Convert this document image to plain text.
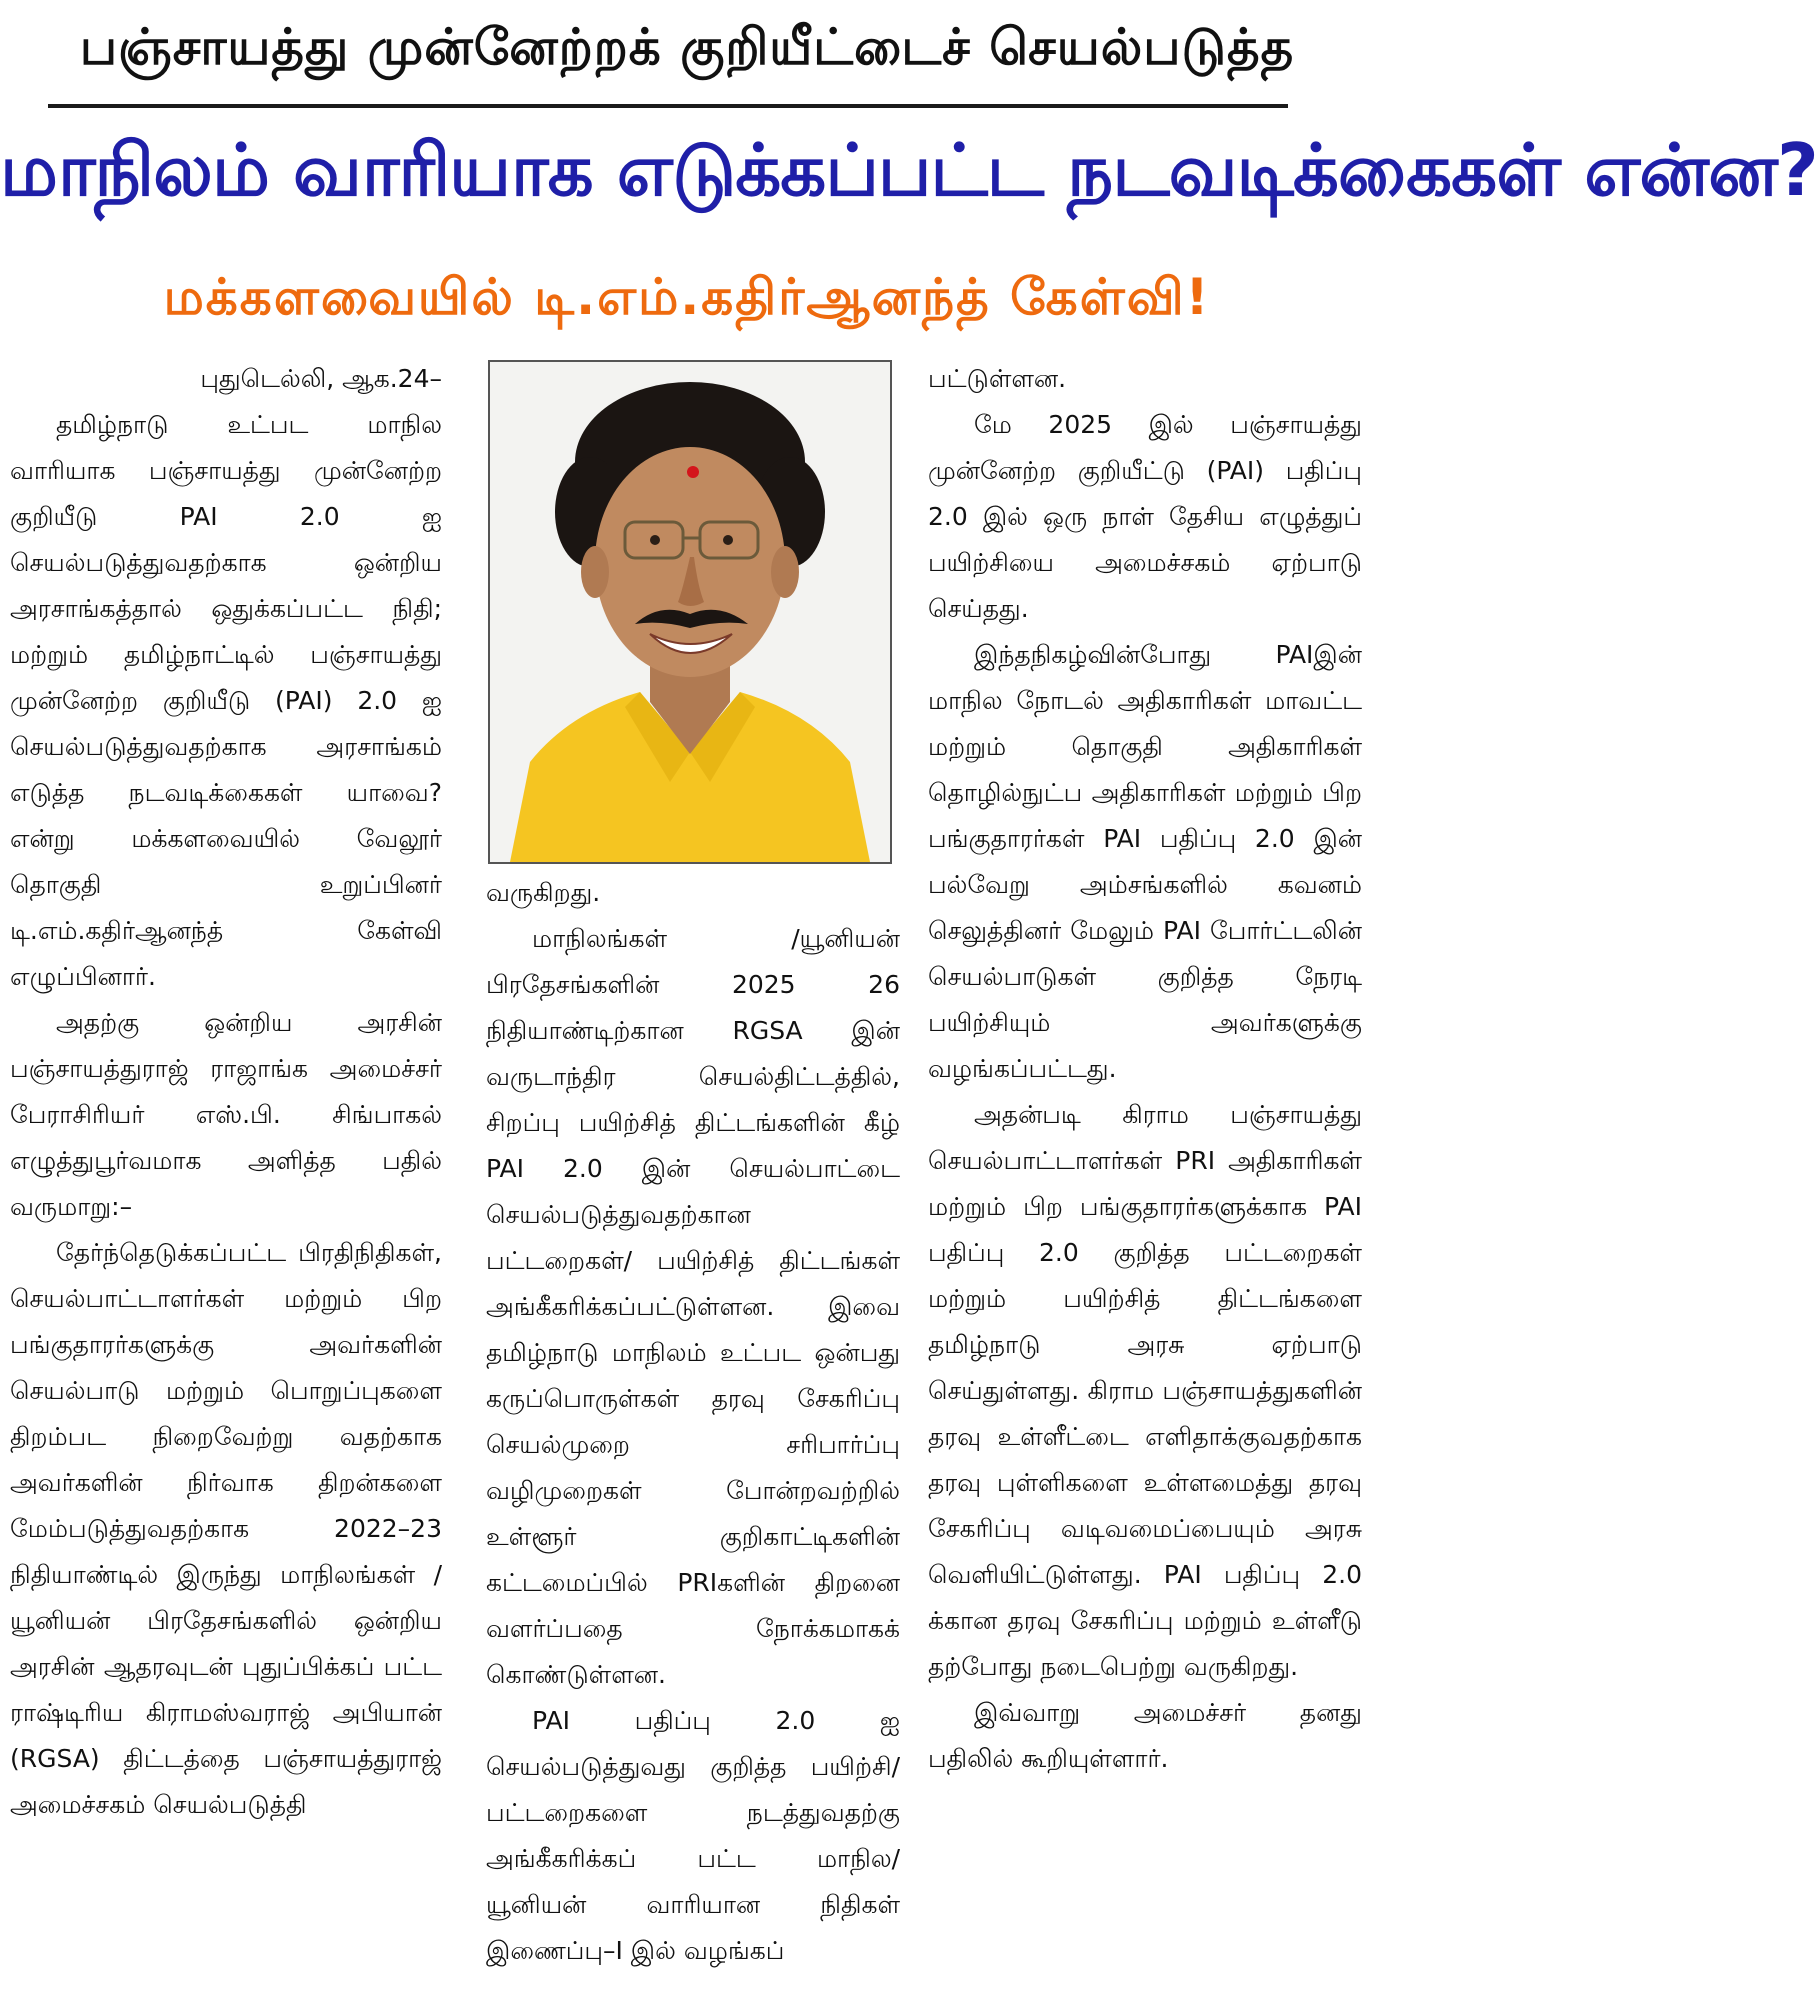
பஞ்சாயத்து முன்னேற்றக் குறியீட்டைச் செயல்படுத்த
மாநிலம் வாரியாக எடுக்கப்பட்ட நடவடிக்கைகள் என்ன?
மக்களவையில் டி.எம்.கதிர்ஆனந்த் கேள்வி!

புதுடெல்லி, ஆக.24–

தமிழ்நாடு உட்பட மாநில வாரியாக பஞ்சாயத்து முன்னேற்ற குறியீடு PAI 2.0 ஐ செயல்படுத்துவதற்காக ஒன்றிய அரசாங்கத்தால் ஒதுக்கப்பட்ட நிதி; மற்றும் தமிழ்நாட்டில் பஞ்சாயத்து முன்னேற்ற குறியீடு (PAI) 2.0 ஐ செயல்படுத்துவதற்காக அரசாங்கம் எடுத்த நடவடிக்கைகள் யாவை? என்று மக்களவையில் வேலூர் தொகுதி உறுப்பினர் டி.எம்.கதிர்ஆனந்த் கேள்வி எழுப்பினார்.

அதற்கு ஒன்றிய அரசின் பஞ்சாயத்துராஜ் ராஜாங்க அமைச்சர் பேராசிரியர் எஸ்.பி. சிங்பாகல் எழுத்துபூர்வமாக அளித்த பதில் வருமாறு:–

தேர்ந்தெடுக்கப்பட்ட பிரதிநிதிகள், செயல்பாட்டாளர்கள் மற்றும் பிற பங்குதாரர்களுக்கு அவர்களின் செயல்பாடு மற்றும் பொறுப்புகளை திறம்பட நிறைவேற்று வதற்காக அவர்களின் நிர்வாக திறன்களை மேம்படுத்துவதற்காக 2022–23 நிதியாண்டில் இருந்து மாநிலங்கள் /யூனியன் பிரதேசங்களில் ஒன்றிய அரசின் ஆதரவுடன் புதுப்பிக்கப் பட்ட ராஷ்டிரிய கிராமஸ்வராஜ் அபியான் (RGSA) திட்டத்தை பஞ்சாயத்துராஜ் அமைச்சகம் செயல்படுத்தி

வருகிறது.

மாநிலங்கள் /யூனியன் பிரதேசங்களின் 2025 26 நிதியாண்டிற்கான RGSA இன் வருடாந்திர செயல்திட்டத்தில், சிறப்பு பயிற்சித் திட்டங்களின் கீழ் PAI 2.0 இன் செயல்பாட்டை செயல்படுத்துவதற்கான பட்டறைகள்/ பயிற்சித் திட்டங்கள் அங்கீகரிக்கப்பட்டுள்ளன. இவை தமிழ்நாடு மாநிலம் உட்பட ஒன்பது கருப்பொருள்கள் தரவு சேகரிப்பு செயல்முறை சரிபார்ப்பு வழிமுறைகள் போன்றவற்றில் உள்ளூர் குறிகாட்டிகளின் கட்டமைப்பில் PRIகளின் திறனை வளர்ப்பதை நோக்கமாகக் கொண்டுள்ளன.

PAI பதிப்பு 2.0 ஐ செயல்படுத்துவது குறித்த பயிற்சி/ பட்டறைகளை நடத்துவதற்கு அங்கீகரிக்கப் பட்ட மாநில/ யூனியன் வாரியான நிதிகள் இணைப்பு–I இல் வழங்கப்

பட்டுள்ளன.

மே 2025 இல் பஞ்சாயத்து முன்னேற்ற குறியீட்டு (PAI) பதிப்பு 2.0 இல் ஒரு நாள் தேசிய எழுத்துப் பயிற்சியை அமைச்சகம் ஏற்பாடு செய்தது.

இந்தநிகழ்வின்போது PAIஇன் மாநில நோடல் அதிகாரிகள் மாவட்ட மற்றும் தொகுதி அதிகாரிகள் தொழில்நுட்ப அதிகாரிகள் மற்றும் பிற பங்குதாரர்கள் PAI பதிப்பு 2.0 இன் பல்வேறு அம்சங்களில் கவனம் செலுத்தினர் மேலும் PAI போர்ட்டலின் செயல்பாடுகள் குறித்த நேரடி பயிற்சியும் அவர்களுக்கு வழங்கப்பட்டது.

அதன்படி கிராம பஞ்சாயத்து செயல்பாட்டாளர்கள் PRI அதிகாரிகள் மற்றும் பிற பங்குதாரர்களுக்காக PAI பதிப்பு 2.0 குறித்த பட்டறைகள் மற்றும் பயிற்சித் திட்டங்களை தமிழ்நாடு அரசு ஏற்பாடு செய்துள்ளது. கிராம பஞ்சாயத்துகளின் தரவு உள்ளீட்டை எளிதாக்குவதற்காக தரவு புள்ளிகளை உள்ளமைத்து தரவு சேகரிப்பு வடிவமைப்பையும் அரசு வெளியிட்டுள்ளது. PAI பதிப்பு 2.0 க்கான தரவு சேகரிப்பு மற்றும் உள்ளீடு தற்போது நடைபெற்று வருகிறது.

இவ்வாறு அமைச்சர் தனது பதிலில் கூறியுள்ளார்.
